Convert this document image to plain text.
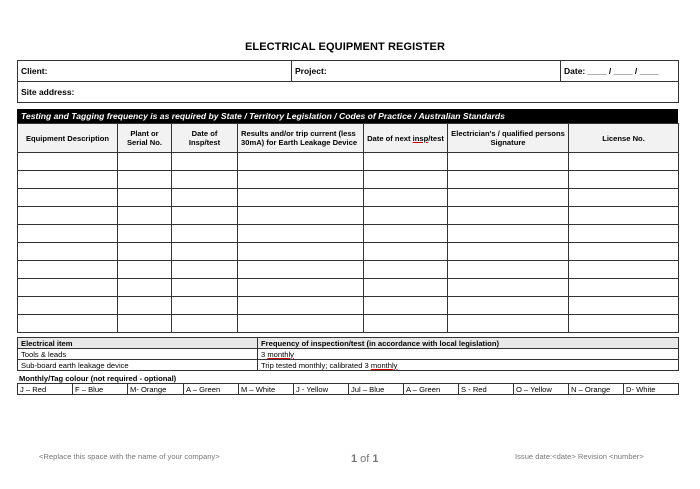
ELECTRICAL EQUIPMENT REGISTER
Client:	Project:	Date: ____ / ____ / ____
Site address:
Testing and Tagging frequency is as required by State / Territory Legislation / Codes of Practice / Australian Standards
Equipment Description	Plant or Serial No.	Date of Insp/test	Results and/or trip current (less 30mA) for Earth Leakage Device	Date of next insp/test	Electrician's / qualified persons Signature	License No.

Electrical item	Frequency of inspection/test (in accordance with local legislation)
Tools & leads	3 monthly
Sub-board earth leakage device	Trip tested monthly; calibrated 3 monthly
Monthly/Tag colour (not required - optional)
J – Red	F – Blue	M- Orange	A – Green	M – White	J - Yellow	Jul – Blue	A – Green	S - Red	O – Yellow	N – Orange	D- White
<Replace this space with the name of your company>	1 of 1	Issue date:<date> Revision <number>
